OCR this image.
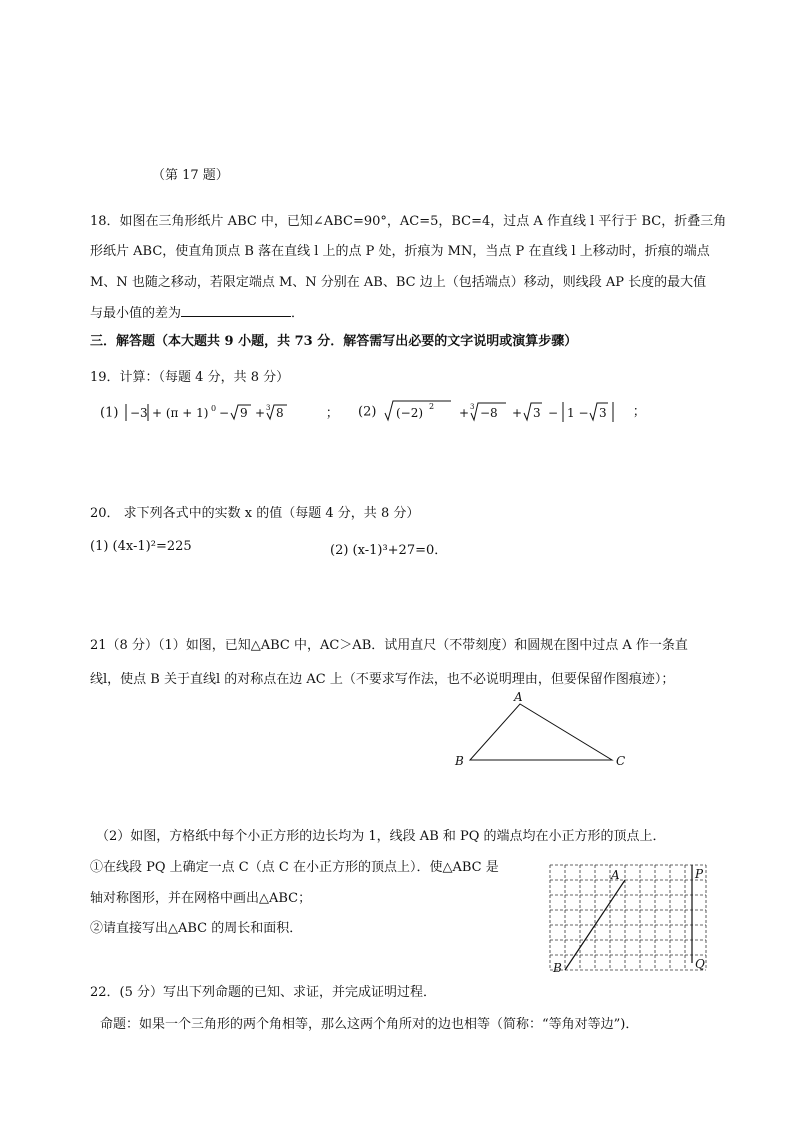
（第 17 题）
18．如图在三角形纸片 ABC 中，已知∠ABC=90°，AC=5，BC=4，过点 A 作直线 l 平行于 BC，折叠三角
形纸片 ABC，使直角顶点 B 落在直线 l 上的点 P 处，折痕为 MN，当点 P 在直线 l 上移动时，折痕的端点
M、N 也随之移动，若限定端点 M、N 分别在 AB、BC 边上（包括端点）移动，则线段 AP 长度的最大值
与最小值的差为	．
三．解答题（本大题共 9 小题，共 73 分．解答需写出必要的文字说明或演算步骤）
19．计算：（每题 4 分，共 8 分）
(1) −3 + (π + 1) 0 − 9 + 3 8	； (2) (−2) 2 + 3 −8 + 3 − 1 − 3 ；
20． 求下列各式中的实数 x 的值（每题 4 分，共 8 分）
(1) (4x-1)²=225	(2) (x-1)³+27=0．
21（8 分）（1）如图，已知△ABC 中，AC＞AB．试用直尺（不带刻度）和圆规在图中过点 A 作一条直
线l，使点 B 关于直线l 的对称点在边 AC 上（不要求写作法，也不必说明理由，但要保留作图痕迹）；
A
B	C
（2）如图，方格纸中每个小正方形的边长均为 1，线段 AB 和 PQ 的端点均在小正方形的顶点上．
①在线段 PQ 上确定一点 C（点 C 在小正方形的顶点上）．使△ABC 是
轴对称图形，并在网格中画出△ABC；
②请直接写出△ABC 的周长和面积．
A
B
P
Q
22．(5 分）写出下列命题的已知、求证，并完成证明过程．
命题：如果一个三角形的两个角相等，那么这两个角所对的边也相等（简称：“等角对等边”)．
